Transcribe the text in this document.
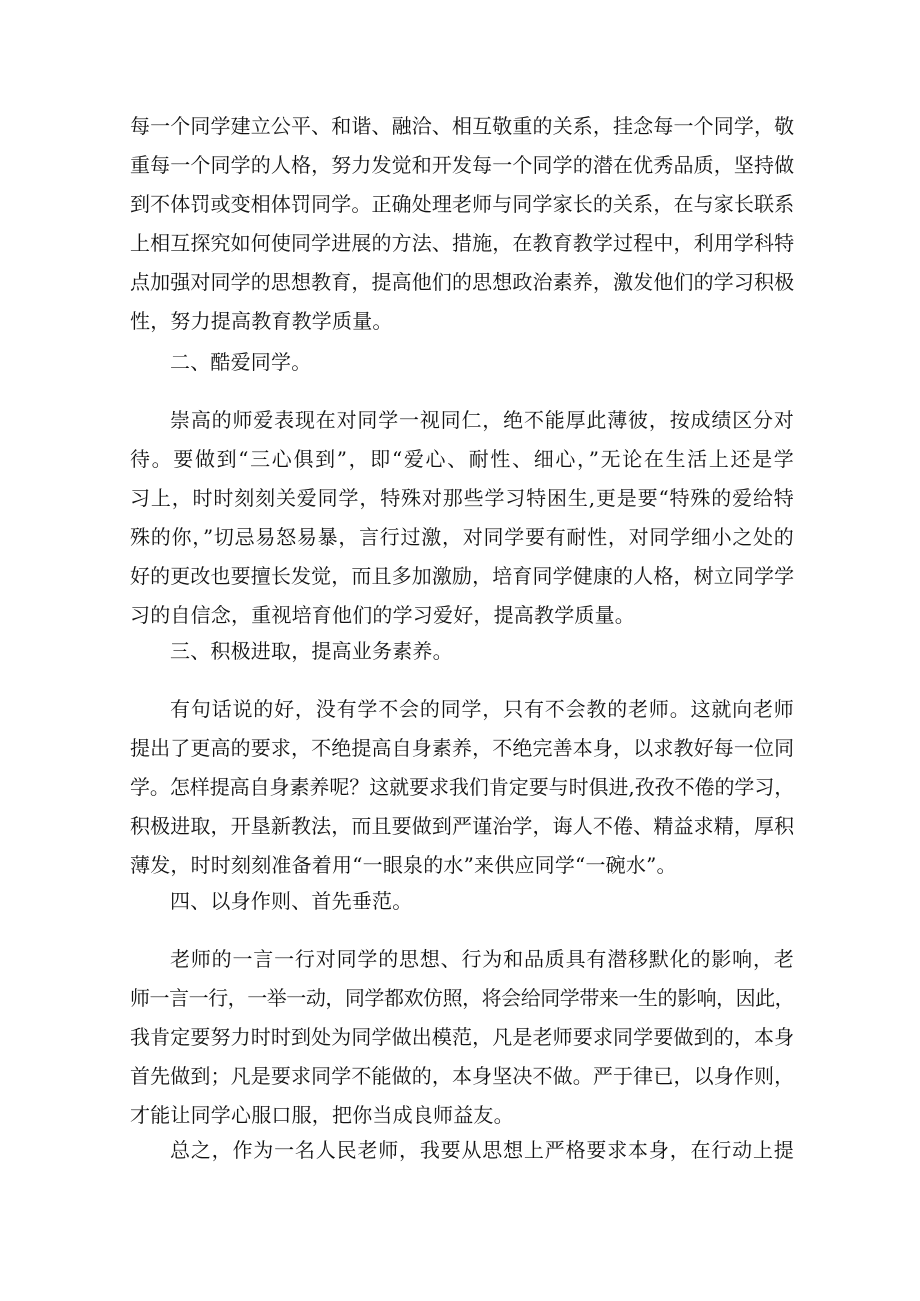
每一个同学建立公平、和谐、融洽、相互敬重的关系，挂念每一个同学，敬
重每一个同学的人格，努力发觉和开发每一个同学的潜在优秀品质，坚持做
到不体罚或变相体罚同学。正确处理老师与同学家长的关系，在与家长联系
上相互探究如何使同学进展的方法、措施，在教育教学过程中，利用学科特
点加强对同学的思想教育，提高他们的思想政治素养，激发他们的学习积极
性，努力提高教育教学质量。
二、酷爱同学。
崇高的师爱表现在对同学一视同仁，绝不能厚此薄彼，按成绩区分对
待。要做到“三心俱到”，即“爱心、耐性、细心，”无论在生活上还是学
习上，时时刻刻关爱同学，特殊对那些学习特困生,更是要“特殊的爱给特
殊的你，”切忌易怒易暴，言行过激，对同学要有耐性，对同学细小之处的
好的更改也要擅长发觉，而且多加激励，培育同学健康的人格，树立同学学
习的自信念，重视培育他们的学习爱好，提高教学质量。
三、积极进取，提高业务素养。
有句话说的好，没有学不会的同学，只有不会教的老师。这就向老师
提出了更高的要求，不绝提高自身素养，不绝完善本身，以求教好每一位同
学。怎样提高自身素养呢？这就要求我们肯定要与时俱进,孜孜不倦的学习，
积极进取，开垦新教法，而且要做到严谨治学，诲人不倦、精益求精，厚积
薄发，时时刻刻准备着用“一眼泉的水”来供应同学“一碗水”。
四、以身作则、首先垂范。
老师的一言一行对同学的思想、行为和品质具有潜移默化的影响，老
师一言一行，一举一动，同学都欢仿照，将会给同学带来一生的影响，因此，
我肯定要努力时时到处为同学做出模范，凡是老师要求同学要做到的，本身
首先做到；凡是要求同学不能做的，本身坚决不做。严于律已，以身作则，
才能让同学心服口服，把你当成良师益友。
总之，作为一名人民老师，我要从思想上严格要求本身，在行动上提
